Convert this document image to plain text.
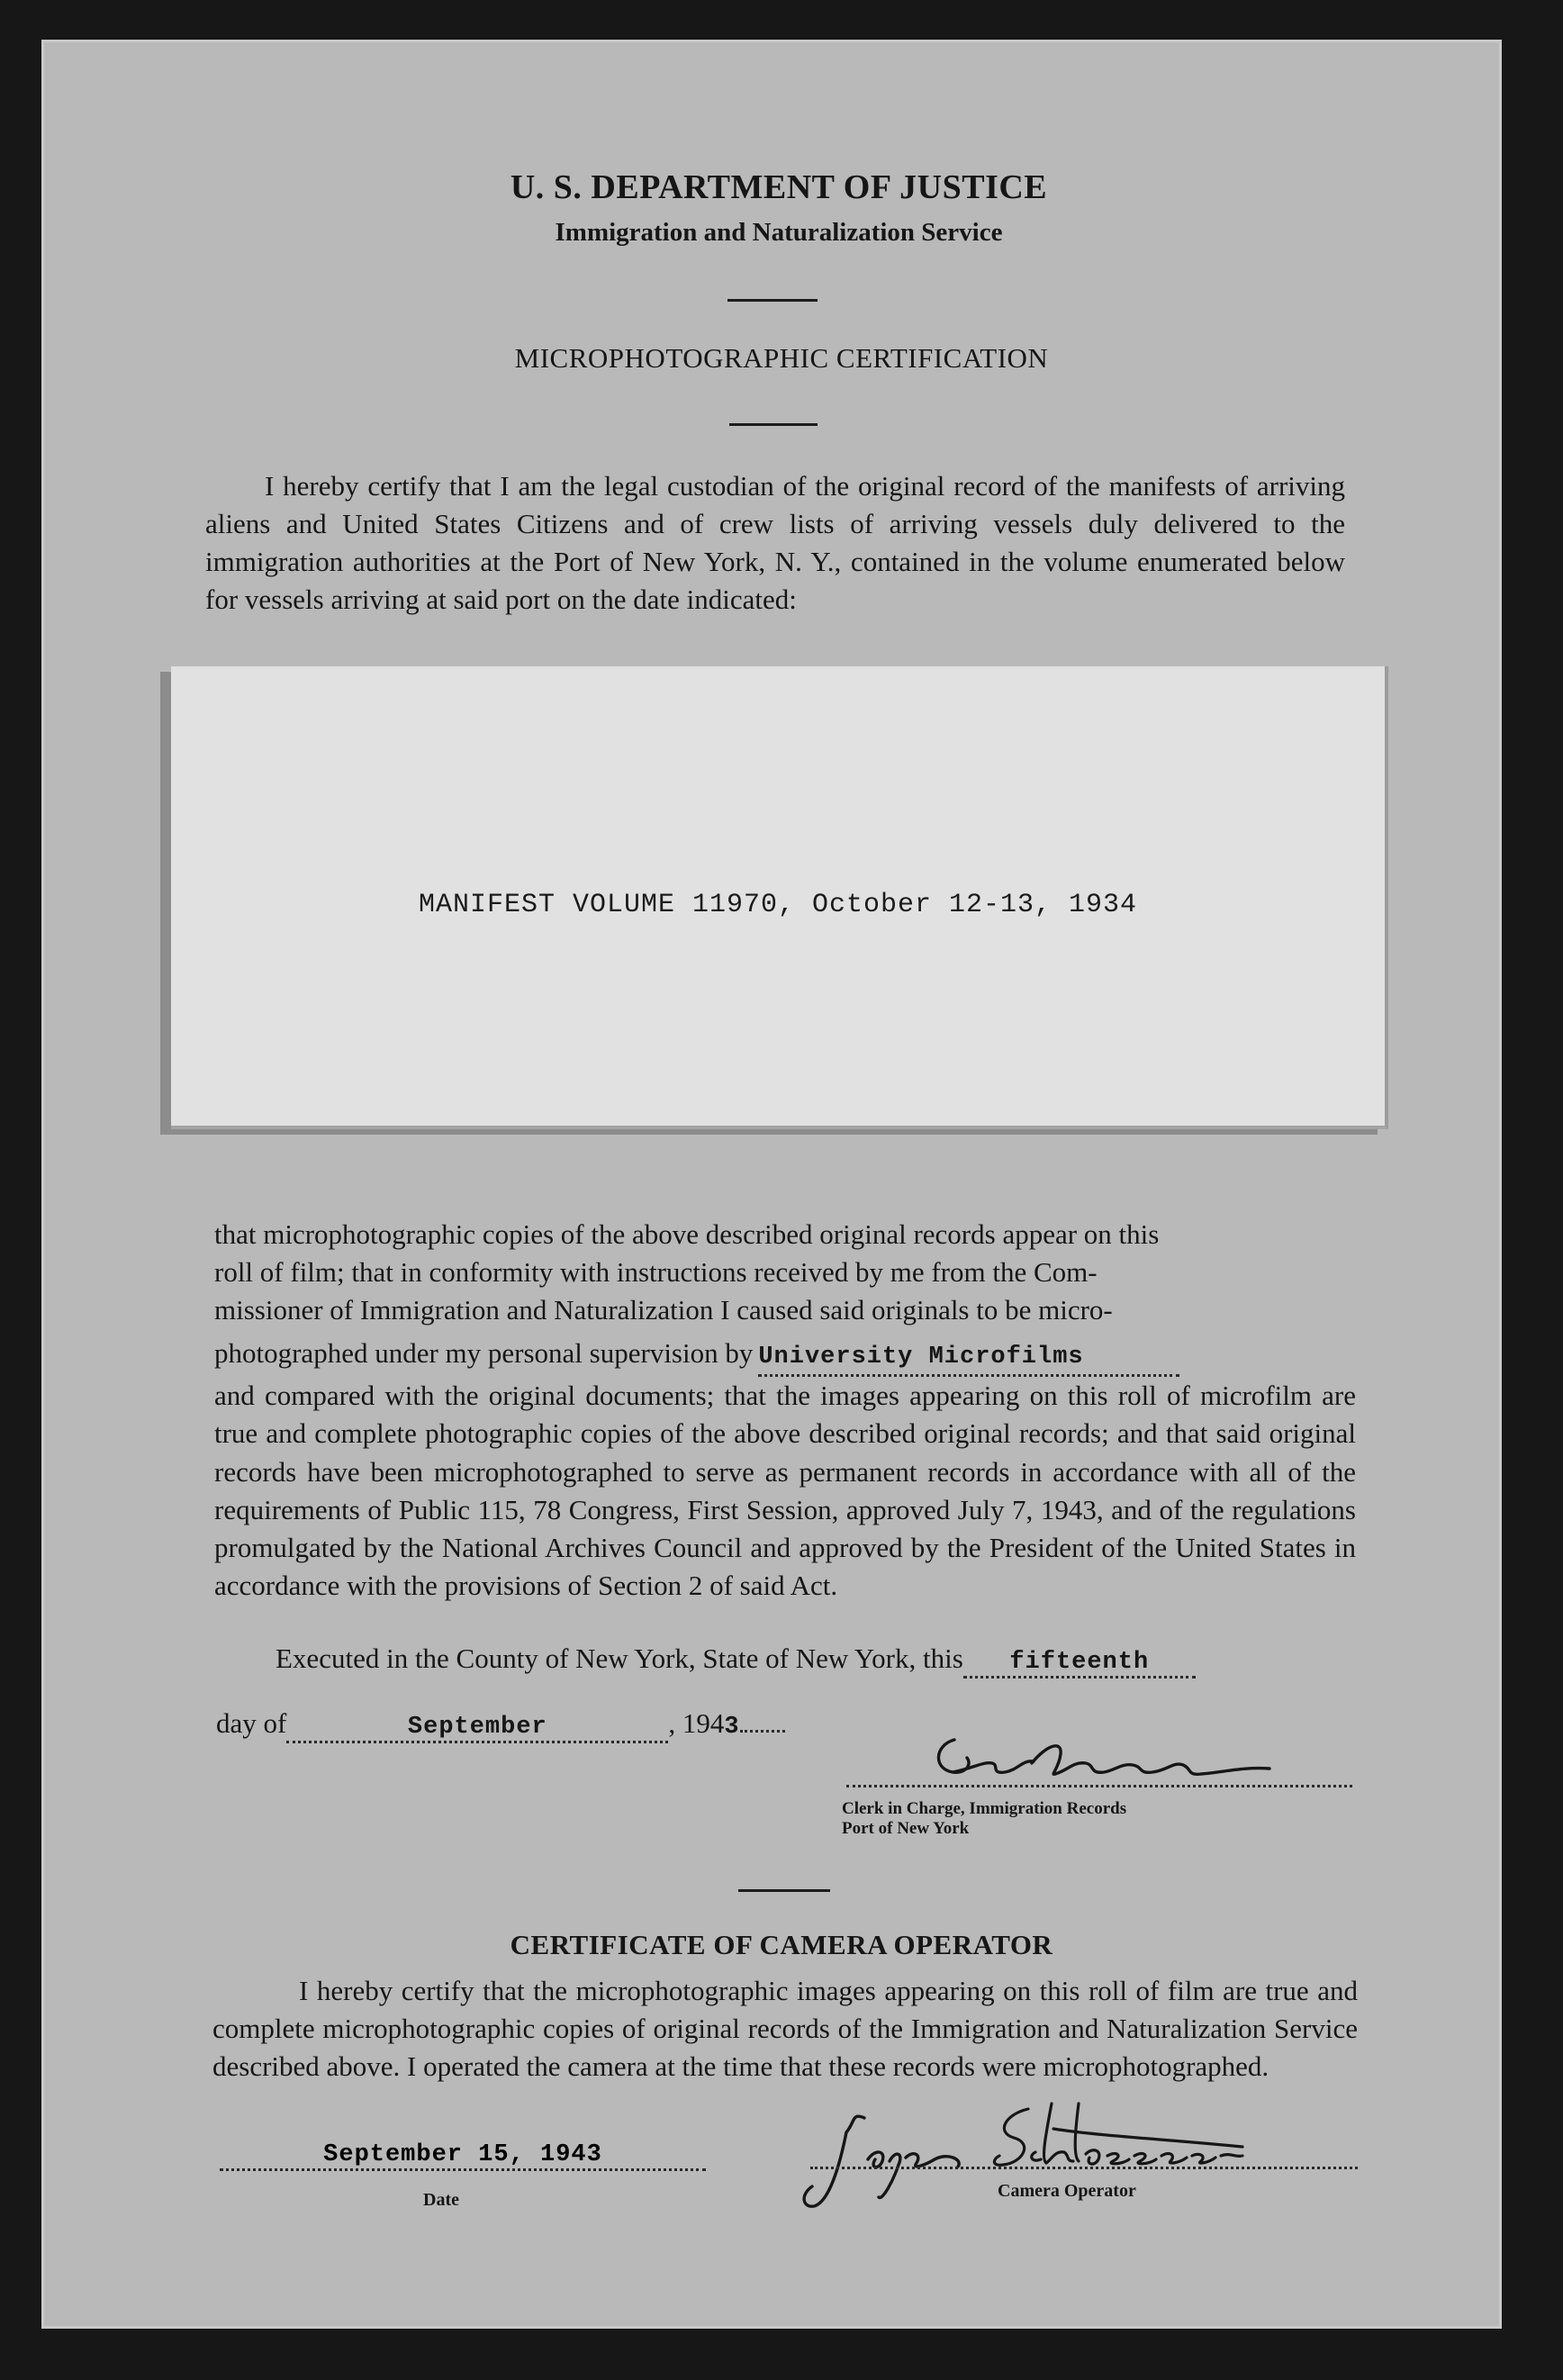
U. S. DEPARTMENT OF JUSTICE
Immigration and Naturalization Service
MICROPHOTOGRAPHIC CERTIFICATION
I hereby certify that I am the legal custodian of the original record of the manifests of arriving aliens and United States Citizens and of crew lists of arriving vessels duly delivered to the immigration authorities at the Port of New York, N. Y., contained in the volume enumerated below for vessels arriving at said port on the date indicated:
MANIFEST VOLUME 11970, October 12-13, 1934
that microphotographic copies of the above described original records appear on this
roll of film; that in conformity with instructions received by me from the Com-
missioner of Immigration and Naturalization I caused said originals to be micro-
photographed under my personal supervision by University Microfilms
and compared with the original documents; that the images appearing on this roll of microfilm are true and complete photographic copies of the above described original records; and that said original records have been microphotographed to serve as permanent records in accordance with all of the requirements of Public 115, 78 Congress, First Session, approved July 7, 1943, and of the regulations promulgated by the National Archives Council and approved by the President of the United States in accordance with the provisions of Section 2 of said Act.
Executed in the County of New York, State of New York, this fifteenth
day of	September	, 1943
Clerk in Charge, Immigration Records
Port of New York
CERTIFICATE OF CAMERA OPERATOR
I hereby certify that the microphotographic images appearing on this roll of film are true and complete microphotographic copies of original records of the Immigration and Naturalization Service described above. I operated the camera at the time that these records were microphotographed.
September 15, 1943
Date	Camera Operator
